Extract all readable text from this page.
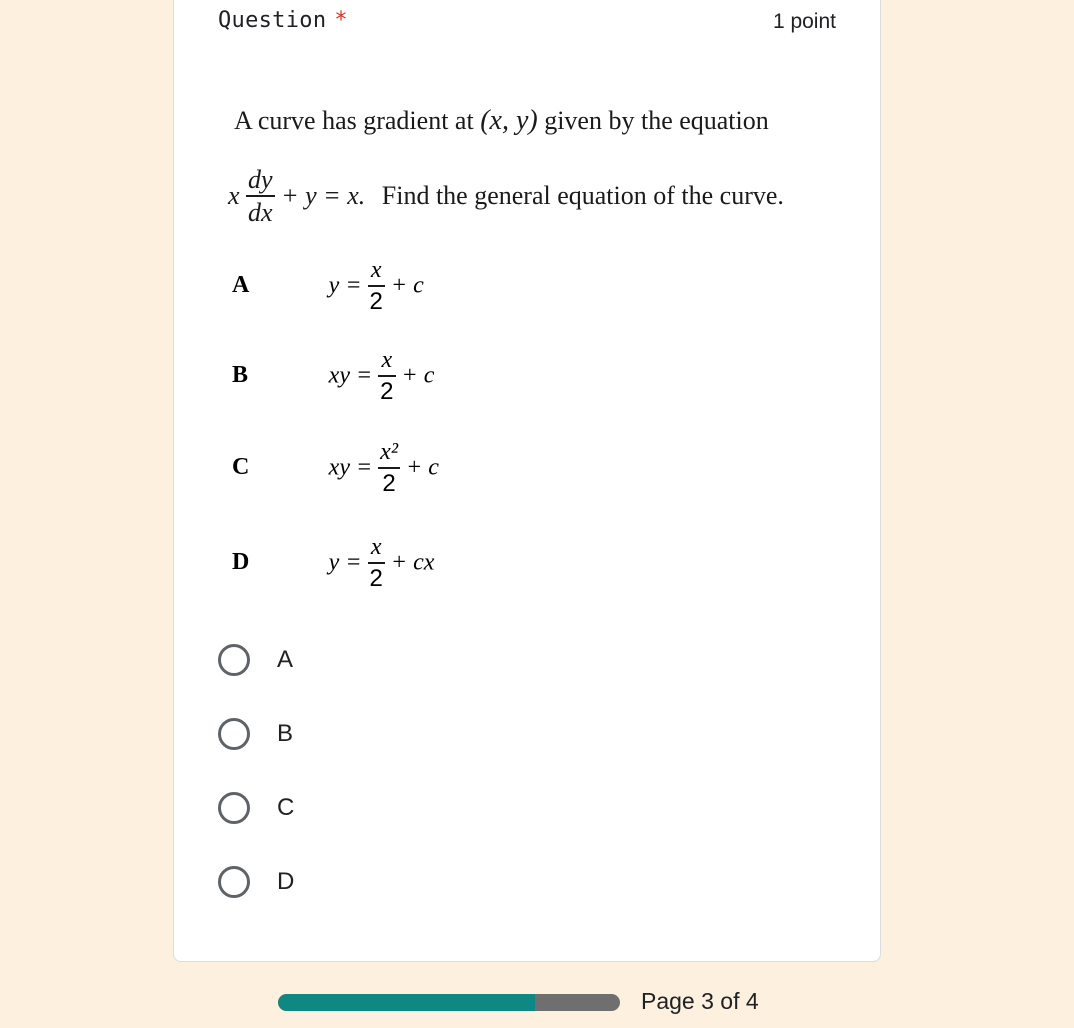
Question *	1 point
A curve has gradient at (x, y) given by the equation
x $\frac{dy}{dx} + y = x$. Find the general equation of the curve.
A	$y = \frac{x}{2} + c$
B	xy = $\frac{x}{2} + c$
C	xy = $\frac{\text{x²}}{2} + c$
D	$y = \frac{x}{2}$ + cx
A
B
C
D
Page 3 of 4
